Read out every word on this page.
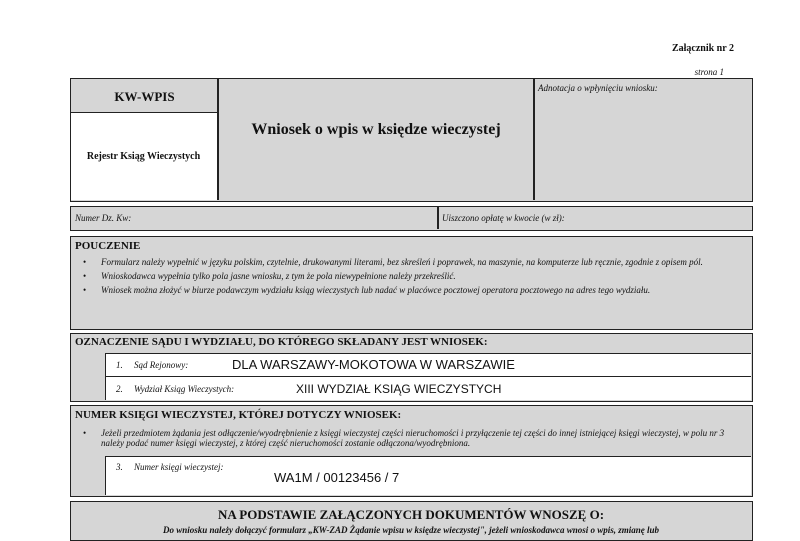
Załącznik nr 2
strona 1
KW-WPIS
Rejestr Ksiąg Wieczystych
Wniosek o wpis w księdze wieczystej
Adnotacja o wpłynięciu wniosku:
Numer Dz. Kw:	Uiszczono opłatę w kwocie (w zł):
POUCZENIE
• Formularz należy wypełnić w języku polskim, czytelnie, drukowanymi literami, bez skreśleń i poprawek, na maszynie, na komputerze lub ręcznie, zgodnie z opisem pól.
• Wnioskodawca wypełnia tylko pola jasne wniosku, z tym że pola niewypełnione należy przekreślić.
• Wniosek można złożyć w biurze podawczym wydziału ksiąg wieczystych lub nadać w placówce pocztowej operatora pocztowego na adres tego wydziału.
OZNACZENIE SĄDU I WYDZIAŁU, DO KTÓREGO SKŁADANY JEST WNIOSEK:
1. Sąd Rejonowy:	DLA WARSZAWY-MOKOTOWA W WARSZAWIE
2. Wydział Ksiąg Wieczystych:	XIII WYDZIAŁ KSIĄG WIECZYSTYCH
NUMER KSIĘGI WIECZYSTEJ, KTÓREJ DOTYCZY WNIOSEK:
• Jeżeli przedmiotem żądania jest odłączenie/wyodrębnienie z księgi wieczystej części nieruchomości i przyłączenie tej części do innej istniejącej księgi wieczystej, w polu nr 3 należy podać numer księgi wieczystej, z której część nieruchomości zostanie odłączona/wyodrębniona.
3. Numer księgi wieczystej:
WA1M / 00123456 / 7
NA PODSTAWIE ZAŁĄCZONYCH DOKUMENTÓW WNOSZĘ O:
Do wniosku należy dołączyć formularz „KW-ZAD Żądanie wpisu w księdze wieczystej", jeżeli wnioskodawca wnosi o wpis, zmianę lub
